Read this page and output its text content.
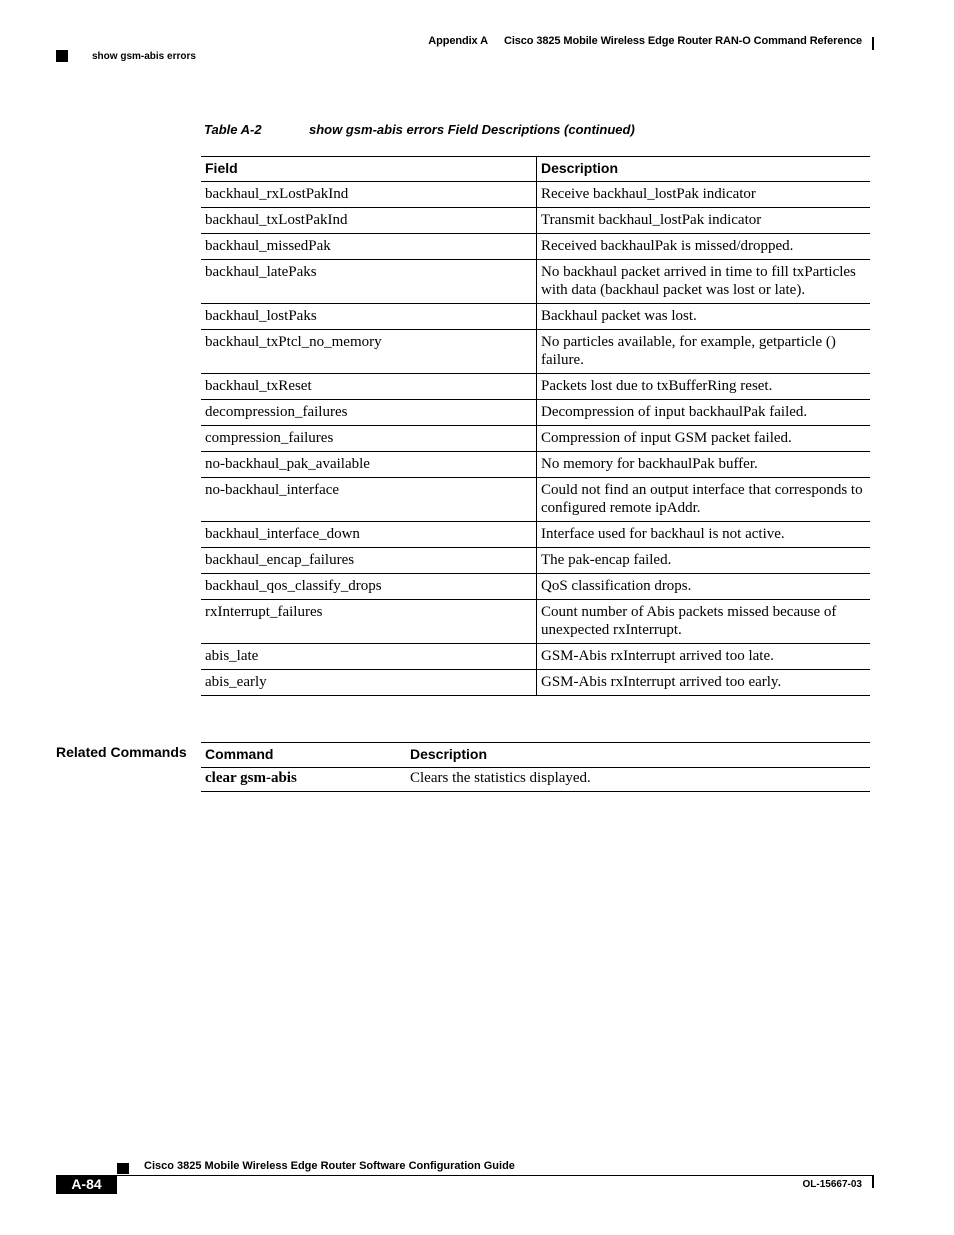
Appendix A Cisco 3825 Mobile Wireless Edge Router RAN-O Command Reference
show gsm-abis errors
Table A-2	show gsm-abis errors Field Descriptions (continued)
Field	Description
backhaul_rxLostPakInd	Receive backhaul_lostPak indicator
backhaul_txLostPakInd	Transmit backhaul_lostPak indicator
backhaul_missedPak	Received backhaulPak is missed/dropped.
backhaul_latePaks	No backhaul packet arrived in time to fill txParticles with data (backhaul packet was lost or late).
backhaul_lostPaks	Backhaul packet was lost.
backhaul_txPtcl_no_memory	No particles available, for example, getparticle () failure.
backhaul_txReset	Packets lost due to txBufferRing reset.
decompression_failures	Decompression of input backhaulPak failed.
compression_failures	Compression of input GSM packet failed.
no-backhaul_pak_available	No memory for backhaulPak buffer.
no-backhaul_interface	Could not find an output interface that corresponds to configured remote ipAddr.
backhaul_interface_down	Interface used for backhaul is not active.
backhaul_encap_failures	The pak-encap failed.
backhaul_qos_classify_drops	QoS classification drops.
rxInterrupt_failures	Count number of Abis packets missed because of unexpected rxInterrupt.
abis_late	GSM-Abis rxInterrupt arrived too late.
abis_early	GSM-Abis rxInterrupt arrived too early.
Related Commands Command	Description
clear gsm-abis	Clears the statistics displayed.
Cisco 3825 Mobile Wireless Edge Router Software Configuration Guide
A-84	OL-15667-03
